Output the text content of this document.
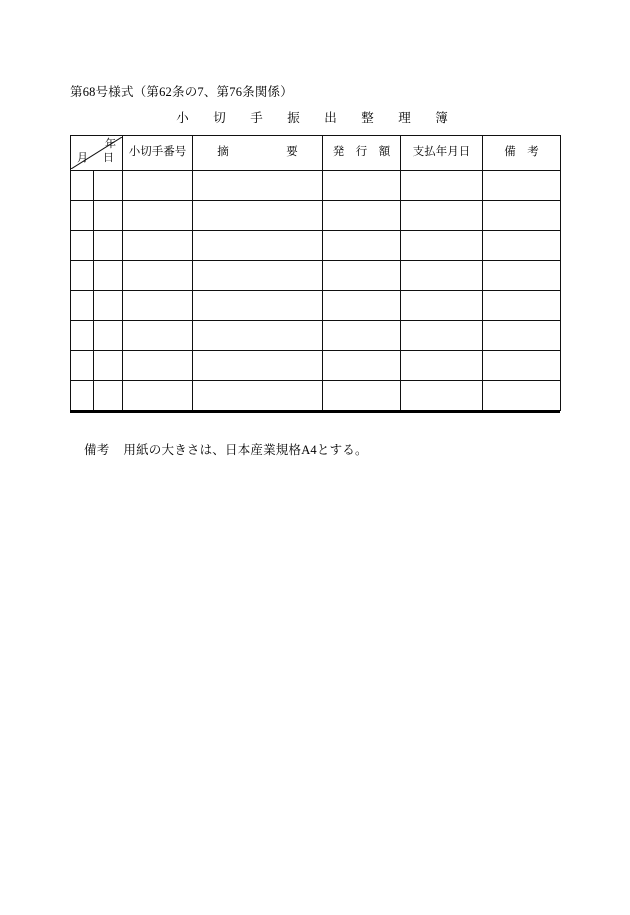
第68号様式（第62条の7、第76条関係）
小　切　手　振　出　整　理　簿
年
月 日		小切手番号	摘　　　　　要	発　行　額	支払年月日	備　考

備考 用紙の大きさは、日本産業規格A4とする。
